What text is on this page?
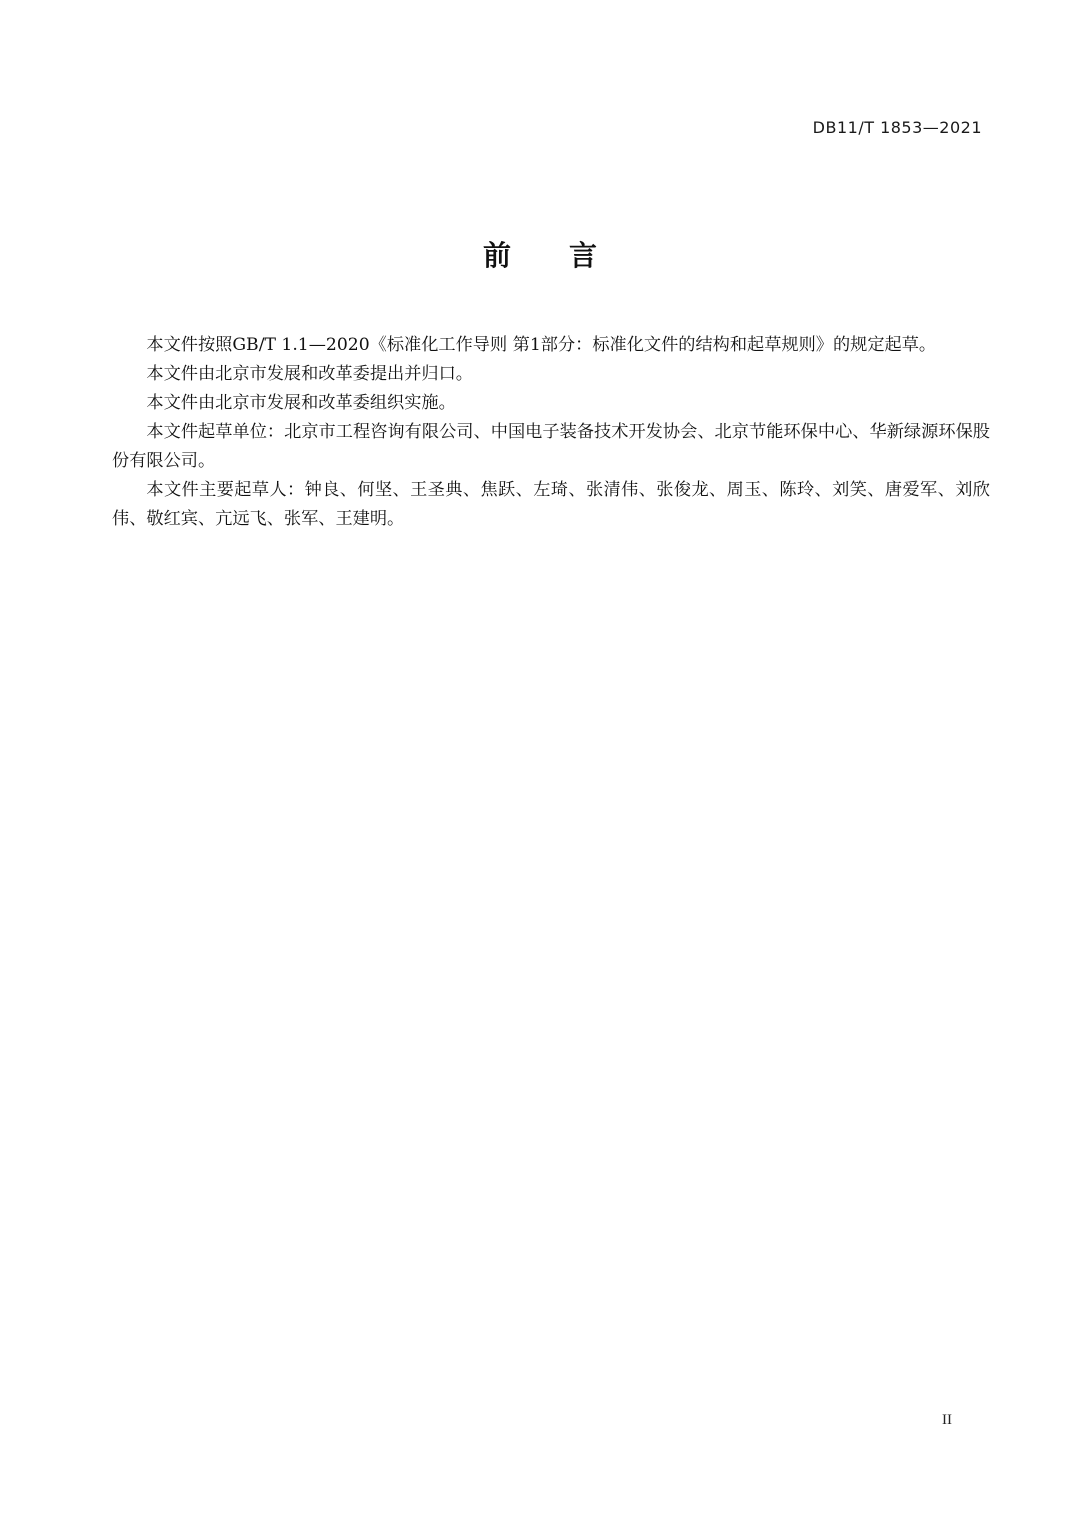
DB11/T 1853—2021
前 言

本文件按照GB/T 1.1—2020《标准化工作导则 第1部分：标准化文件的结构和起草规则》的规定起草。

本文件由北京市发展和改革委提出并归口。

本文件由北京市发展和改革委组织实施。

本文件起草单位：北京市工程咨询有限公司、中国电子装备技术开发协会、北京节能环保中心、华新绿源环保股份有限公司。

本文件主要起草人：钟良、何坚、王圣典、焦跃、左琦、张清伟、张俊龙、周玉、陈玲、刘笑、唐爱军、刘欣伟、敬红宾、亢远飞、张军、王建明。

II
